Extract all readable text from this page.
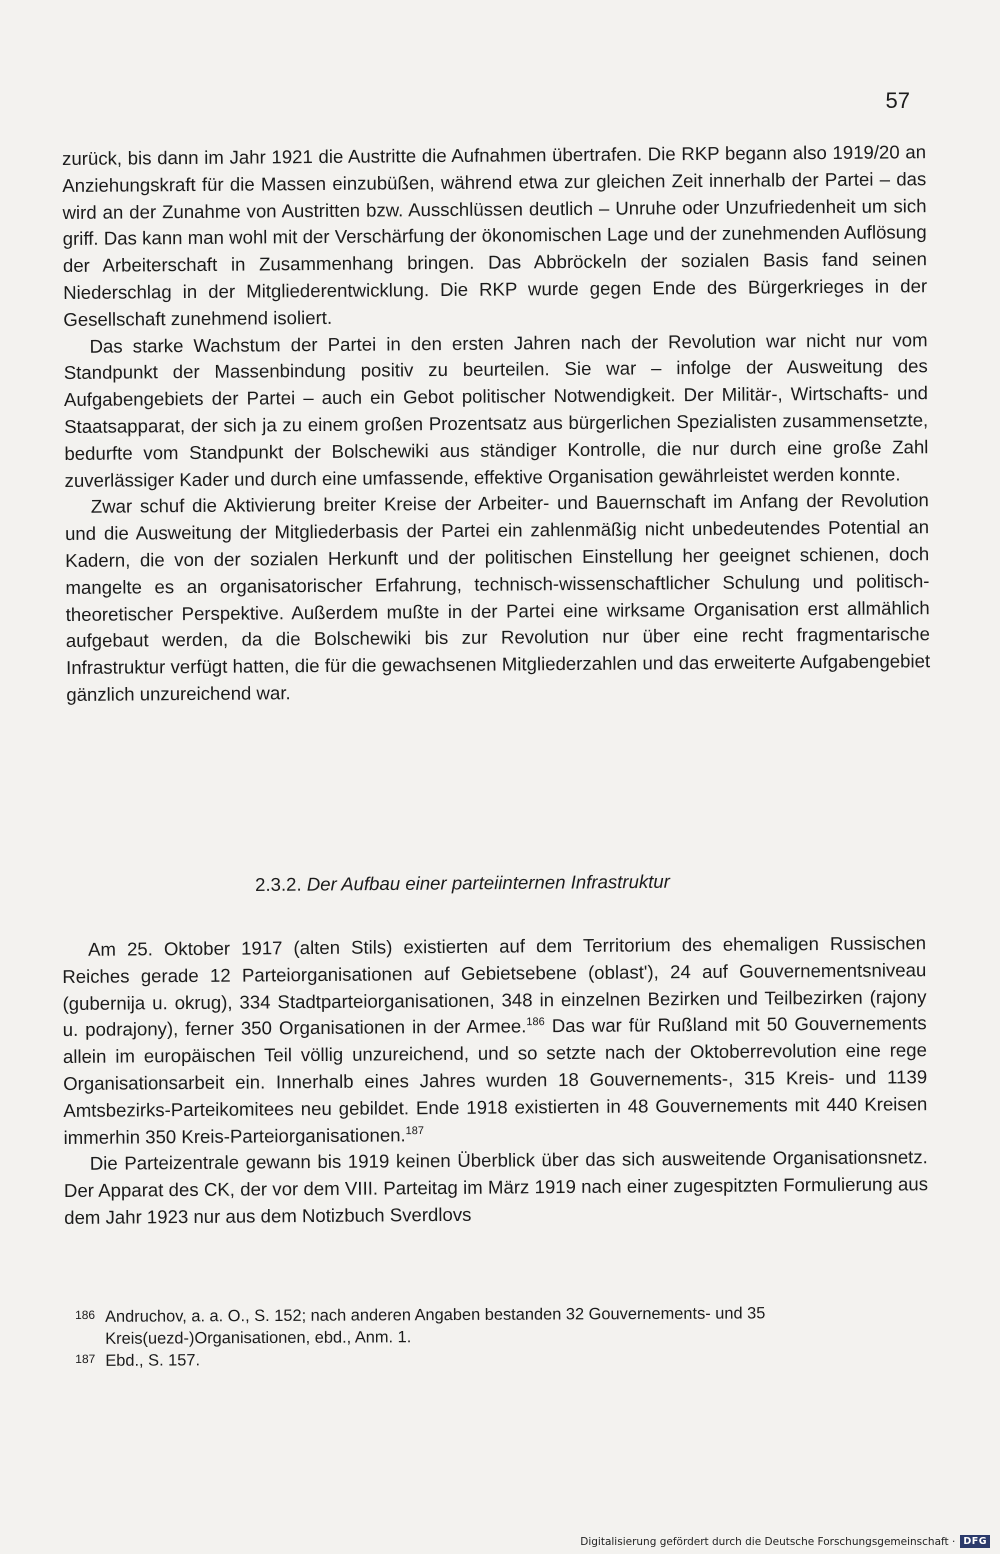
57

zurück, bis dann im Jahr 1921 die Austritte die Aufnahmen übertrafen. Die RKP begann also 1919/20 an Anziehungskraft für die Massen einzubüßen, während etwa zur gleichen Zeit innerhalb der Partei – das wird an der Zunahme von Austritten bzw. Ausschlüssen deutlich – Unruhe oder Unzufriedenheit um sich griff. Das kann man wohl mit der Verschärfung der ökonomischen Lage und der zunehmenden Auflösung der Arbeiterschaft in Zusammenhang bringen. Das Abbröckeln der sozialen Basis fand seinen Niederschlag in der Mitgliederentwicklung. Die RKP wurde gegen Ende des Bürgerkrieges in der Gesellschaft zunehmend isoliert.

Das starke Wachstum der Partei in den ersten Jahren nach der Revolution war nicht nur vom Standpunkt der Massenbindung positiv zu beurteilen. Sie war – infolge der Ausweitung des Aufgabengebiets der Partei – auch ein Gebot politischer Notwendigkeit. Der Militär-, Wirtschafts- und Staatsapparat, der sich ja zu einem großen Prozentsatz aus bürgerlichen Spezialisten zusammensetzte, bedurfte vom Standpunkt der Bolschewiki aus ständiger Kontrolle, die nur durch eine große Zahl zuverlässiger Kader und durch eine umfassende, effektive Organisation gewährleistet werden konnte.

Zwar schuf die Aktivierung breiter Kreise der Arbeiter- und Bauernschaft im Anfang der Revolution und die Ausweitung der Mitgliederbasis der Partei ein zahlenmäßig nicht unbedeutendes Potential an Kadern, die von der sozialen Herkunft und der politischen Einstellung her geeignet schienen, doch mangelte es an organisatorischer Erfahrung, technisch-wissenschaftlicher Schulung und politisch-theoretischer Perspektive. Außerdem mußte in der Partei eine wirksame Organisation erst allmählich aufgebaut werden, da die Bolschewiki bis zur Revolution nur über eine recht fragmentarische Infrastruktur verfügt hatten, die für die gewachsenen Mitgliederzahlen und das erweiterte Aufgabengebiet gänzlich unzureichend war.

2.3.2. Der Aufbau einer parteiinternen Infrastruktur

Am 25. Oktober 1917 (alten Stils) existierten auf dem Territorium des ehemaligen Russischen Reiches gerade 12 Parteiorganisationen auf Gebietsebene (oblast'), 24 auf Gouvernementsniveau (gubernija u. okrug), 334 Stadtparteiorganisationen, 348 in einzelnen Bezirken und Teilbezirken (rajony u. podrajony), ferner 350 Organisationen in der Armee.$^{186}$ Das war für Rußland mit 50 Gouvernements allein im europäischen Teil völlig unzureichend, und so setzte nach der Oktoberrevolution eine rege Organisationsarbeit ein. Innerhalb eines Jahres wurden 18 Gouvernements-, 315 Kreis- und 1139 Amtsbezirks-Parteikomitees neu gebildet. Ende 1918 existierten in 48 Gouvernements mit 440 Kreisen immerhin 350 Kreis-Parteiorganisationen.$^{187}$

Die Parteizentrale gewann bis 1919 keinen Überblick über das sich ausweitende Organisationsnetz. Der Apparat des CK, der vor dem VIII. Parteitag im März 1919 nach einer zugespitzten Formulierung aus dem Jahr 1923 nur aus dem Notizbuch Sverdlovs

186 Andruchov, a. a. O., S. 152; nach anderen Angaben bestanden 32 Gouvernements- und 35 Kreis(uezd-)Organisationen, ebd., Anm. 1.
187 Ebd., S. 157.
Digitalisierung gefördert durch die Deutsche Forschungsgemeinschaft · DFG
